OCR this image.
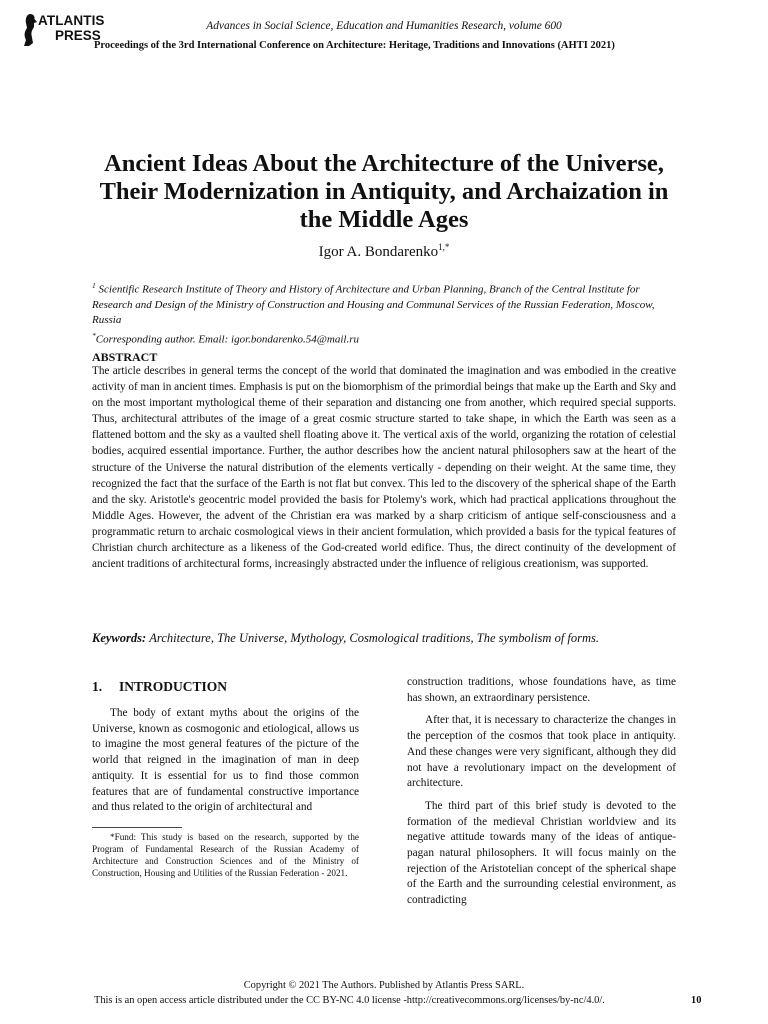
ATLANTIS
PRESS
Advances in Social Science, Education and Humanities Research, volume 600
Proceedings of the 3rd International Conference on Architecture: Heritage, Traditions and Innovations (AHTI 2021)
Ancient Ideas About the Architecture of the Universe, Their Modernization in Antiquity, and Archaization in the Middle Ages
Igor A. Bondarenko$^{1,*}$
$^1$ Scientific Research Institute of Theory and History of Architecture and Urban Planning, Branch of the Central Institute for Research and Design of the Ministry of Construction and Housing and Communal Services of the Russian Federation, Moscow, Russia
*Corresponding author. Email: igor.bondarenko.54@mail.ru
ABSTRACT
The article describes in general terms the concept of the world that dominated the imagination and was embodied in the creative activity of man in ancient times. Emphasis is put on the biomorphism of the primordial beings that make up the Earth and Sky and on the most important mythological theme of their separation and distancing one from another, which required special supports. Thus, architectural attributes of the image of a great cosmic structure started to take shape, in which the Earth was seen as a flattened bottom and the sky as a vaulted shell floating above it. The vertical axis of the world, organizing the rotation of celestial bodies, acquired essential importance. Further, the author describes how the ancient natural philosophers saw at the heart of the structure of the Universe the natural distribution of the elements vertically - depending on their weight. At the same time, they recognized the fact that the surface of the Earth is not flat but convex. This led to the discovery of the spherical shape of the Earth and the sky. Aristotle's geocentric model provided the basis for Ptolemy's work, which had practical applications throughout the Middle Ages. However, the advent of the Christian era was marked by a sharp criticism of antique self-consciousness and a programmatic return to archaic cosmological views in their ancient formulation, which provided a basis for the typical features of Christian church architecture as a likeness of the God-created world edifice. Thus, the direct continuity of the development of ancient traditions of architectural forms, increasingly abstracted under the influence of religious creationism, was supported.
Keywords: Architecture, The Universe, Mythology, Cosmological traditions, The symbolism of forms.
1. INTRODUCTION

The body of extant myths about the origins of the Universe, known as cosmogonic and etiological, allows us to imagine the most general features of the picture of the world that reigned in the imagination of man in deep antiquity. It is essential for us to find those common features that are of fundamental constructive importance and thus related to the origin of architectural and

*Fund: This study is based on the research, supported by the Program of Fundamental Research of the Russian Academy of Architecture and Construction Sciences and of the Ministry of Construction, Housing and Utilities of the Russian Federation - 2021.

construction traditions, whose foundations have, as time has shown, an extraordinary persistence.

After that, it is necessary to characterize the changes in the perception of the cosmos that took place in antiquity. And these changes were very significant, although they did not have a revolutionary impact on the development of architecture.

The third part of this brief study is devoted to the formation of the medieval Christian worldview and its negative attitude towards many of the ideas of antique-pagan natural philosophers. It will focus mainly on the rejection of the Aristotelian concept of the spherical shape of the Earth and the surrounding celestial environment, as contradicting

Copyright © 2021 The Authors. Published by Atlantis Press SARL.
This is an open access article distributed under the CC BY-NC 4.0 license -http://creativecommons.org/licenses/by-nc/4.0/.	10
